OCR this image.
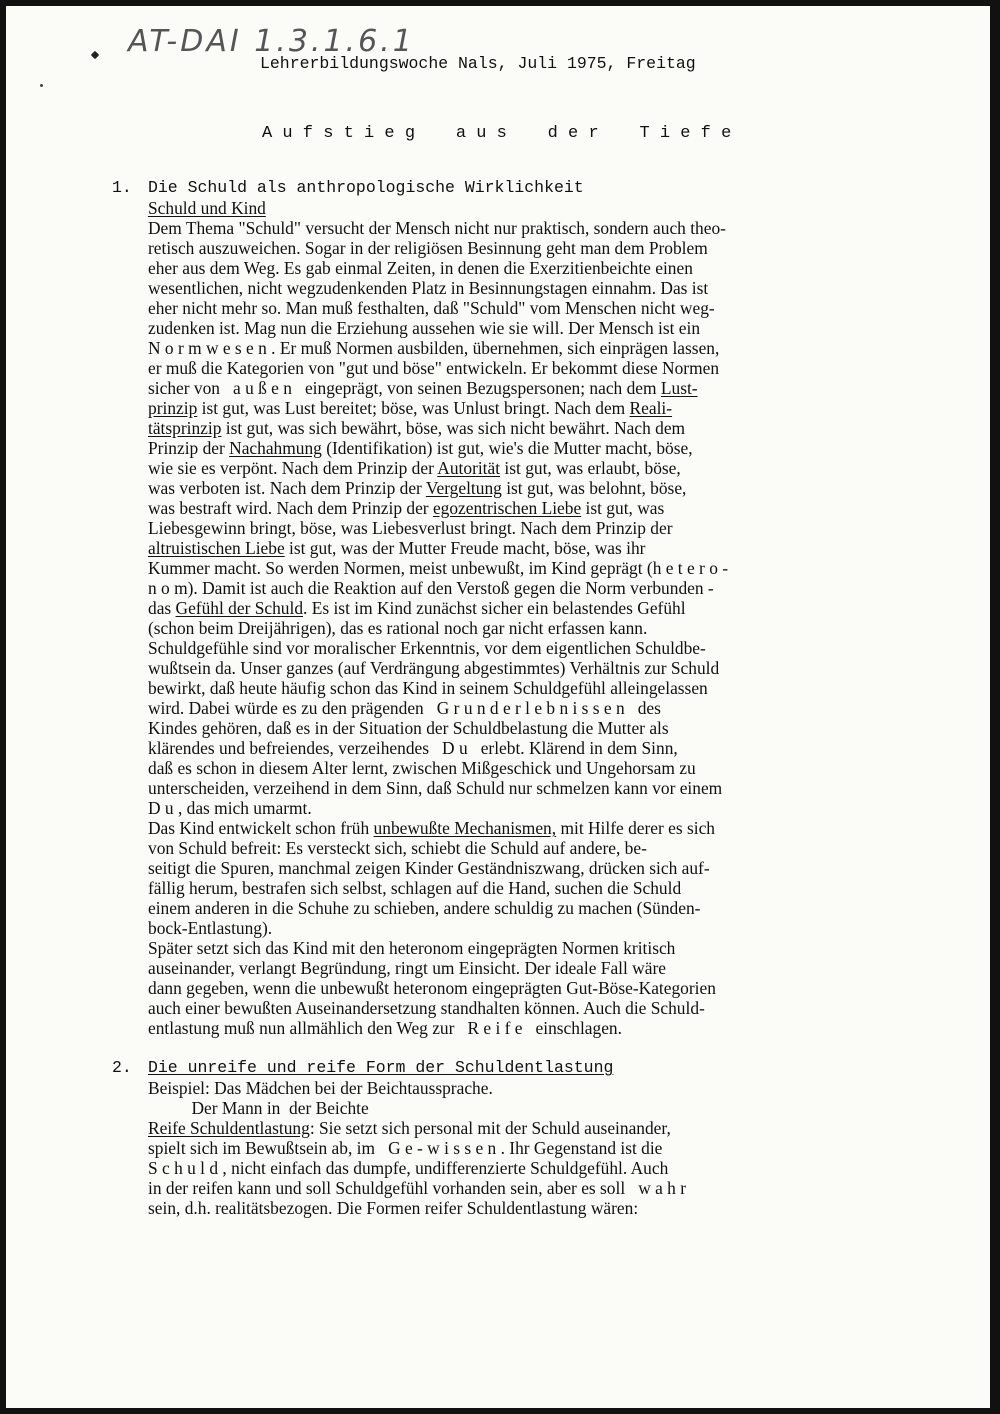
AT-DAI 1.3.1.6.1
Lehrerbildungswoche Nals, Juli 1975, Freitag
A u f s t i e g    a u s    d e r    T i e f e

1.

Die Schuld als anthropologische Wirklichkeit

Schuld und Kind
Dem Thema "Schuld" versucht der Mensch nicht nur praktisch, sondern auch theo-
retisch auszuweichen. Sogar in der religiösen Besinnung geht man dem Problem
eher aus dem Weg. Es gab einmal Zeiten, in denen die Exerzitienbeichte einen
wesentlichen, nicht wegzudenkenden Platz in Besinnungstagen einnahm. Das ist
eher nicht mehr so. Man muß festhalten, daß "Schuld" vom Menschen nicht weg-
zudenken ist. Mag nun die Erziehung aussehen wie sie will. Der Mensch ist ein
N o r m w e s e n . Er muß Normen ausbilden, übernehmen, sich einprägen lassen,
er muß die Kategorien von "gut und böse" entwickeln. Er bekommt diese Normen
sicher von   a u ß e n   eingeprägt, von seinen Bezugspersonen; nach dem Lust-
prinzip ist gut, was Lust bereitet; böse, was Unlust bringt. Nach dem Reali-
tätsprinzip ist gut, was sich bewährt, böse, was sich nicht bewährt. Nach dem
Prinzip der Nachahmung (Identifikation) ist gut, wie's die Mutter macht, böse,
wie sie es verpönt. Nach dem Prinzip der Autorität ist gut, was erlaubt, böse,
was verboten ist. Nach dem Prinzip der Vergeltung ist gut, was belohnt, böse,
was bestraft wird. Nach dem Prinzip der egozentrischen Liebe ist gut, was
Liebesgewinn bringt, böse, was Liebesverlust bringt. Nach dem Prinzip der
altruistischen Liebe ist gut, was der Mutter Freude macht, böse, was ihr
Kummer macht. So werden Normen, meist unbewußt, im Kind geprägt (h e t e r o -
n o m). Damit ist auch die Reaktion auf den Verstoß gegen die Norm verbunden -
das Gefühl der Schuld. Es ist im Kind zunächst sicher ein belastendes Gefühl
(schon beim Dreijährigen), das es rational noch gar nicht erfassen kann.
Schuldgefühle sind vor moralischer Erkenntnis, vor dem eigentlichen Schuldbe-
wußtsein da. Unser ganzes (auf Verdrängung abgestimmtes) Verhältnis zur Schuld
bewirkt, daß heute häufig schon das Kind in seinem Schuldgefühl alleingelassen
wird. Dabei würde es zu den prägenden   G r u n d e r l e b n i s s e n   des
Kindes gehören, daß es in der Situation der Schuldbelastung die Mutter als
klärendes und befreiendes, verzeihendes   D u   erlebt. Klärend in dem Sinn,
daß es schon in diesem Alter lernt, zwischen Mißgeschick und Ungehorsam zu
unterscheiden, verzeihend in dem Sinn, daß Schuld nur schmelzen kann vor einem
D u , das mich umarmt.
Das Kind entwickelt schon früh unbewußte Mechanismen, mit Hilfe derer es sich
von Schuld befreit: Es versteckt sich, schiebt die Schuld auf andere, be-
seitigt die Spuren, manchmal zeigen Kinder Geständniszwang, drücken sich auf-
fällig herum, bestrafen sich selbst, schlagen auf die Hand, suchen die Schuld
einem anderen in die Schuhe zu schieben, andere schuldig zu machen (Sünden-
bock-Entlastung).
Später setzt sich das Kind mit den heteronom eingeprägten Normen kritisch
auseinander, verlangt Begründung, ringt um Einsicht. Der ideale Fall wäre
dann gegeben, wenn die unbewußt heteronom eingeprägten Gut-Böse-Kategorien
auch einer bewußten Auseinandersetzung standhalten können. Auch die Schuld-
entlastung muß nun allmählich den Weg zur   R e i f e   einschlagen.

2.

Die unreife und reife Form der Schuldentlastung

Beispiel: Das Mädchen bei der Beichtaussprache.
Der Mann in  der Beichte
Reife Schuldentlastung: Sie setzt sich personal mit der Schuld auseinander,
spielt sich im Bewußtsein ab, im   G e - w i s s e n . Ihr Gegenstand ist die
S c h u l d , nicht einfach das dumpfe, undifferenzierte Schuldgefühl. Auch
in der reifen kann und soll Schuldgefühl vorhanden sein, aber es soll   w a h r
sein, d.h. realitätsbezogen. Die Formen reifer Schuldentlastung wären:
